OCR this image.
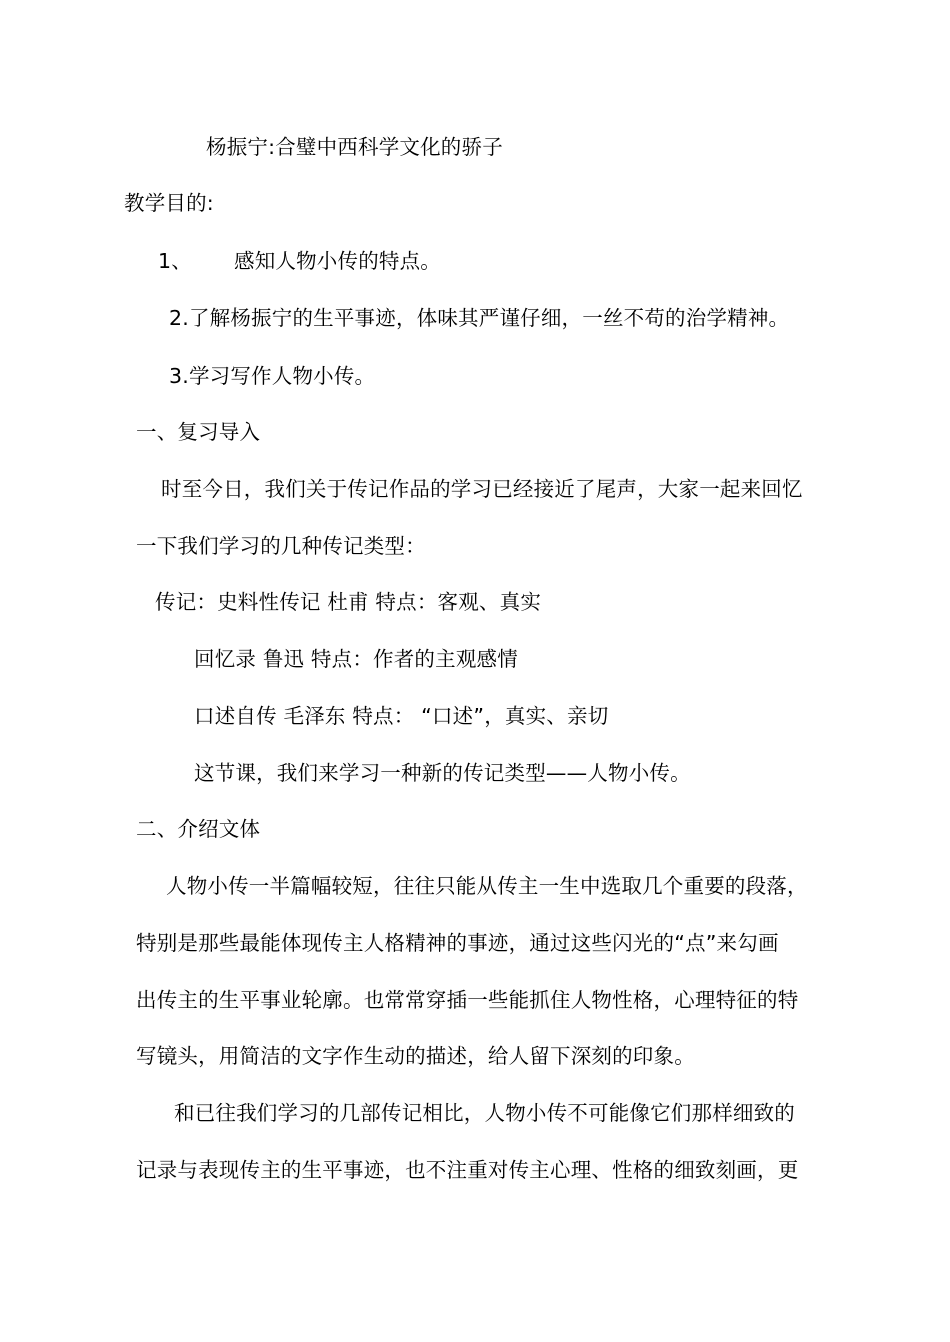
杨振宁:合璧中西科学文化的骄子
教学目的:
1、 感知人物小传的特点。
2.了解杨振宁的生平事迹，体味其严谨仔细，一丝不苟的治学精神。
3.学习写作人物小传。
一、复习导入
时至今日，我们关于传记作品的学习已经接近了尾声，大家一起来回忆
一下我们学习的几种传记类型：
传记：史料性传记 杜甫 特点：客观、真实
回忆录 鲁迅 特点：作者的主观感情
口述自传 毛泽东 特点： “口述”，真实、亲切
这节课，我们来学习一种新的传记类型——人物小传。
二、介绍文体
人物小传一半篇幅较短，往往只能从传主一生中选取几个重要的段落，
特别是那些最能体现传主人格精神的事迹，通过这些闪光的“点”来勾画
出传主的生平事业轮廓。也常常穿插一些能抓住人物性格，心理特征的特
写镜头，用简洁的文字作生动的描述，给人留下深刻的印象。
和已往我们学习的几部传记相比，人物小传不可能像它们那样细致的
记录与表现传主的生平事迹，也不注重对传主心理、性格的细致刻画，更
